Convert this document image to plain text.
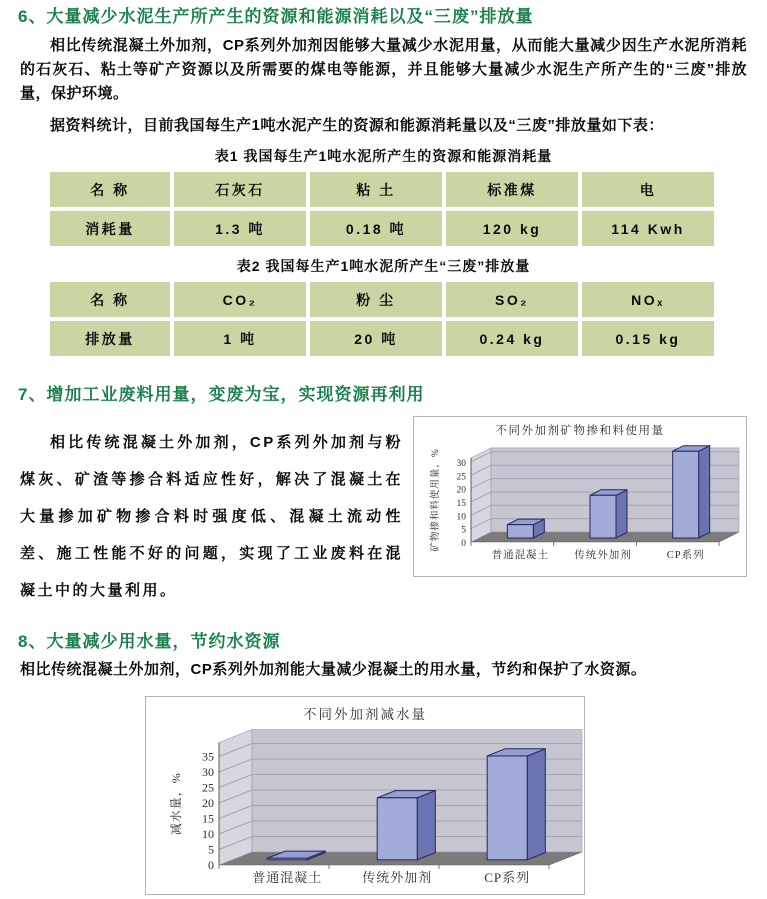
6、大量减少水泥生产所产生的资源和能源消耗以及“三废”排放量

相比传统混凝土外加剂，CP系列外加剂因能够大量减少水泥用量，从而能大量减少因生产水泥所消耗的石灰石、粘土等矿产资源以及所需要的煤电等能源，并且能够大量减少水泥生产所产生的“三废”排放量，保护环境。

据资料统计，目前我国每生产1吨水泥产生的资源和能源消耗量以及“三废”排放量如下表：

表1 我国每生产1吨水泥所产生的资源和能源消耗量
名 称	石灰石	粘 土	标准煤	电
消耗量	1.3 吨	0.18 吨	120 kg	114 Kwh
表2 我国每生产1吨水泥所产生“三废”排放量
名 称	CO₂	粉 尘	SO₂	NOₓ
排放量	1 吨	20 吨	0.24 kg	0.15 kg
7、增加工业废料用量，变废为宝，实现资源再利用

相比传统混凝土外加剂，CP系列外加剂与粉煤灰、矿渣等掺合料适应性好，解决了混凝土在大量掺加矿物掺合料时强度低、混凝土流动性差、施工性能不好的问题，实现了工业废料在混凝土中的大量利用。

0
5
10
15
20
25
30
普通混凝土 传统外加剂	CP系列
不同外加剂矿物掺和料使用量
矿物掺和料使用量，%
8、大量减少用水量，节约水资源

相比传统混凝土外加剂，CP系列外加剂能大量减少混凝土的用水量，节约和保护了水资源。

0
5
10
15
20
25
30
35
普通混凝土	传统外加剂	CP系列
不同外加剂减水量
减水量，%
